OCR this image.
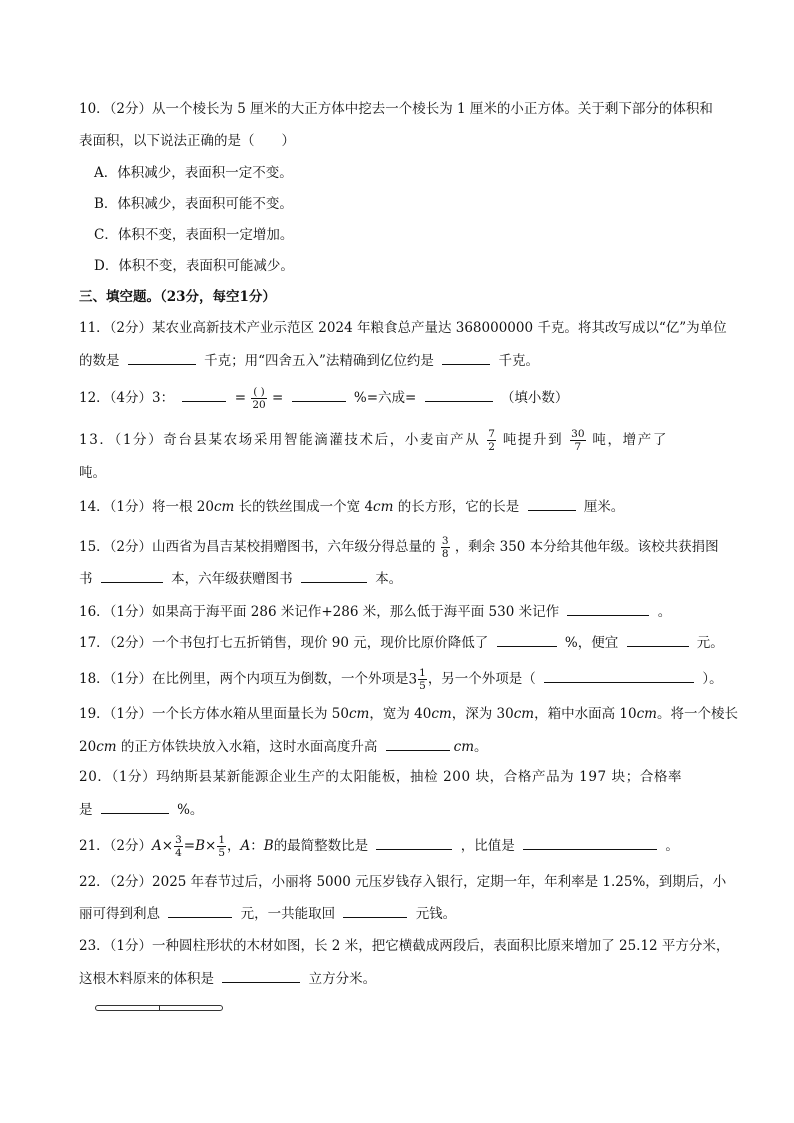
10．（2分）从一个棱长为 5 厘米的大正方体中挖去一个棱长为 1 厘米的小正方体。关于剩下部分的体积和
表面积，以下说法正确的是（　　）
A．体积减少，表面积一定不变。
B．体积减少，表面积可能不变。
C．体积不变，表面积一定增加。
D．体积不变，表面积可能减少。
三、填空题。（23分，每空1分）
11．（2分）某农业高新技术产业示范区 2024 年粮食总产量达 368000000 千克。将其改写成以“亿”为单位
的数是	千克；用“四舍五入”法精确到亿位约是	千克。
12．（4分）3：	= $\frac{( )}{20}$ =	%=六成=	（填小数）
13．（1分）奇台县某农场采用智能滴灌技术后，小麦亩产从 $\frac{7}{2}$ 吨提升到 $\frac{30}{7}$ 吨，增产了
吨。
14．（1分）将一根 20cm 长的铁丝围成一个宽 4cm 的长方形，它的长是	厘米。
15．（2分）山西省为昌吉某校捐赠图书，六年级分得总量的 $\frac{3}{8}$ ，剩余 350 本分给其他年级。该校共获捐图
书	本，六年级获赠图书	本。
16．（1分）如果高于海平面 286 米记作+286 米，那么低于海平面 530 米记作	。
17．（2分）一个书包打七五折销售，现价 90 元，现价比原价降低了	%，便宜	元。
18．（1分）在比例里，两个内项互为倒数，一个外项是$3 \frac{1}{5}$ ，另一个外项是（	）。
19．（1分）一个长方体水箱从里面量长为 50cm，宽为 40cm，深为 30cm，箱中水面高 10cm。将一个棱长
20cm 的正方体铁块放入水箱，这时水面高度升高	cm。
20．（1分）玛纳斯县某新能源企业生产的太阳能板，抽检 200 块，合格产品为 197 块；合格率
是	%。
21．（2分）$A\times \frac{3}{4} =B\times \frac{1}{5}$ ，A：B的最简整数比是	，比值是	。
22．（2分）2025 年春节过后，小丽将 5000 元压岁钱存入银行，定期一年，年利率是 1.25%，到期后，小
丽可得到利息	元，一共能取回	元钱。
23．（1分）一种圆柱形状的木材如图，长 2 米，把它横截成两段后，表面积比原来增加了 25.12 平方分米，
这根木料原来的体积是	立方分米。
